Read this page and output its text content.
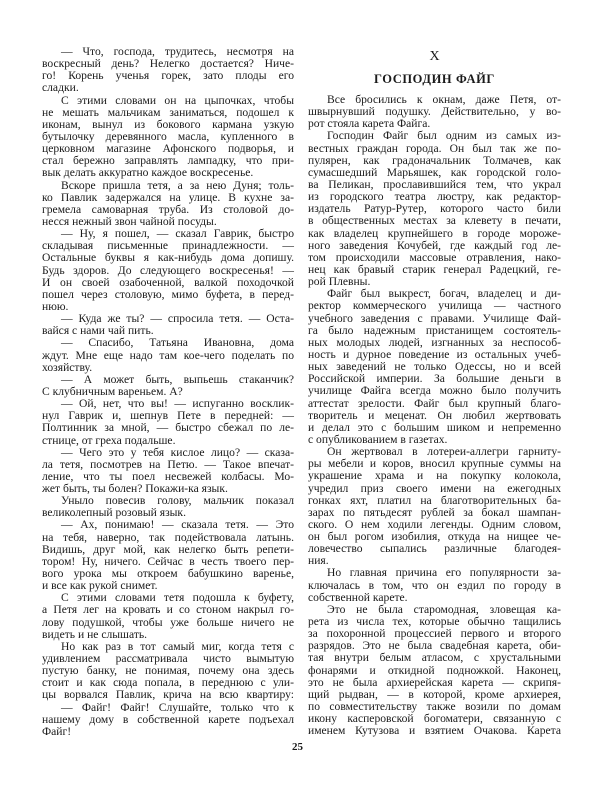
— Что, господа, трудитесь, несмотря на
воскресный день? Нелегко достается? Ниче-
го! Корень ученья горек, зато плоды его
сладки.
С этими словами он на цыпочках, чтобы
не мешать мальчикам заниматься, подошел к
иконам, вынул из бокового кармана узкую
бутылочку деревянного масла, купленного в
церковном магазине Афонского подворья, и
стал бережно заправлять лампадку, что при-
вык делать аккуратно каждое воскресенье.
Вскоре пришла тетя, а за нею Дуня; толь-
ко Павлик задержался на улице. В кухне за-
гремела самоварная труба. Из столовой до-
несся нежный звон чайной посуды.
— Ну, я пошел, — сказал Гаврик, быстро
складывая письменные принадлежности. —
Остальные буквы я как-нибудь дома допишу.
Будь здоров. До следующего воскресенья! —
И он своей озабоченной, валкой походочкой
пошел через столовую, мимо буфета, в перед-
нюю.
— Куда же ты? — спросила тетя. — Оста-
вайся с нами чай пить.
— Спасибо, Татьяна Ивановна, дома
ждут. Мне еще надо там кое-чего поделать по
хозяйству.
— А может быть, выпьешь стаканчик?
С клубничным вареньем. А?
— Ой, нет, что вы! — испуганно восклик-
нул Гаврик и, шепнув Пете в передней: —
Полтинник за мной, — быстро сбежал по ле-
стнице, от греха подальше.
— Чего это у тебя кислое лицо? — сказа-
ла тетя, посмотрев на Петю. — Такое впечат-
ление, что ты поел несвежей колбасы. Мо-
жет быть, ты болен? Покажи-ка язык.
Уныло повесив голову, мальчик показал
великолепный розовый язык.
— Ах, понимаю! — сказала тетя. — Это
на тебя, наверно, так подействовала латынь.
Видишь, друг мой, как нелегко быть репети-
тором! Ну, ничего. Сейчас в честь твоего пер-
вого урока мы откроем бабушкино варенье,
и все как рукой снимет.
С этими словами тетя подошла к буфету,
а Петя лег на кровать и со стоном накрыл го-
лову подушкой, чтобы уже больше ничего не
видеть и не слышать.
Но как раз в тот самый миг, когда тетя с
удивлением рассматривала чисто вымытую
пустую банку, не понимая, почему она здесь
стоит и как сюда попала, в переднюю с ули-
цы ворвался Павлик, крича на всю квартиру:
— Файг! Файг! Слушайте, только что к
нашему дому в собственной карете подъехал
Файг!
X
ГОСПОДИН ФАЙГ
Все бросились к окнам, даже Петя, от-
швырнувший подушку. Действительно, у во-
рот стояла карета Файга.
Господин Файг был одним из самых из-
вестных граждан города. Он был так же по-
пулярен, как градоначальник Толмачев, как
сумасшедший Марьяшек, как городской голо-
ва Пеликан, прославившийся тем, что украл
из городского театра люстру, как редактор-
издатель Ратур-Рутер, которого часто били
в общественных местах за клевету в печати,
как владелец крупнейшего в городе мороже-
ного заведения Кочубей, где каждый год ле-
том происходили массовые отравления, нако-
нец как бравый старик генерал Радецкий, ге-
рой Плевны.
Файг был выкрест, богач, владелец и ди-
ректор коммерческого училища — частного
учебного заведения с правами. Училище Фай-
га было надежным пристанищем состоятель-
ных молодых людей, изгнанных за неспособ-
ность и дурное поведение из остальных учеб-
ных заведений не только Одессы, но и всей
Российской империи. За большие деньги в
училище Файга всегда можно было получить
аттестат зрелости. Файг был крупный благо-
творитель и меценат. Он любил жертвовать
и делал это с большим шиком и непременно
с опубликованием в газетах.
Он жертвовал в лотереи-аллегри гарниту-
ры мебели и коров, вносил крупные суммы на
украшение храма и на покупку колокола,
учредил приз своего имени на ежегодных
гонках яхт, платил на благотворительных ба-
зарах по пятьдесят рублей за бокал шампан-
ского. О нем ходили легенды. Одним словом,
он был рогом изобилия, откуда на нищее че-
ловечество сыпались различные благодея-
ния.
Но главная причина его популярности за-
ключалась в том, что он ездил по городу в
собственной карете.
Это не была старомодная, зловещая ка-
рета из числа тех, которые обычно тащились
за похоронной процессией первого и второго
разрядов. Это не была свадебная карета, оби-
тая внутри белым атласом, с хрустальными
фонарями и откидной подножкой. Наконец,
это не была архиерейская карета — скрипя-
щий рыдван, — в которой, кроме архиерея,
по совместительству также возили по домам
икону касперовской богоматери, связанную с
именем Кутузова и взятием Очакова. Карета
25
